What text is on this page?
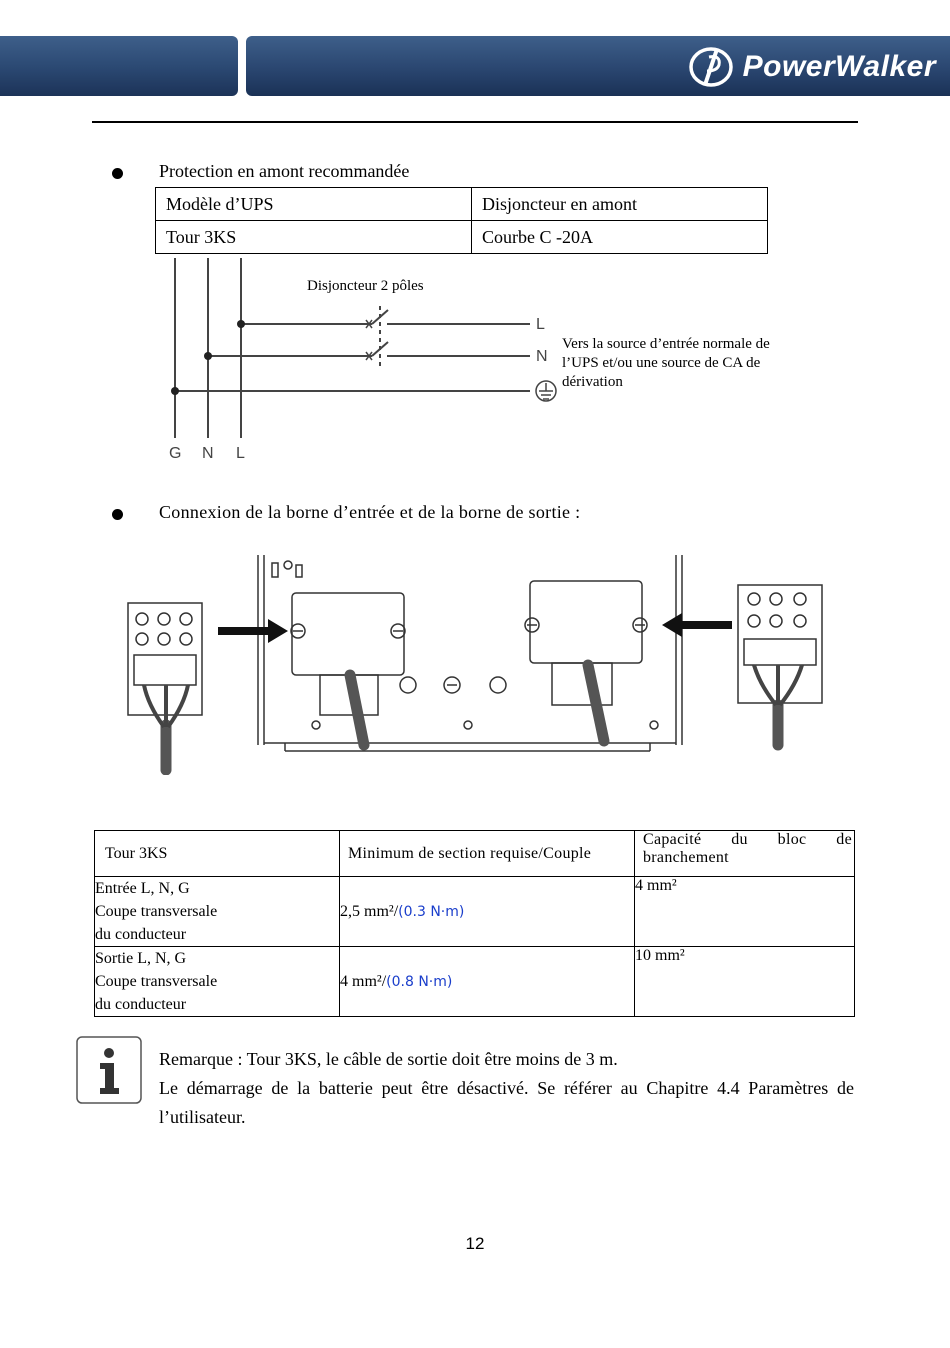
PowerWalker
Protection en amont recommandée
Modèle d’UPS	Disjoncteur en amont
Tour 3KS	Courbe C -20A
L
N
G N L
Disjoncteur 2 pôles
Vers la source d’entrée normale de l’UPS et/ou une source de CA de dérivation
Connexion de la borne d’entrée et de la borne de sortie :
Tour 3KS	Minimum de section requise/Couple	Capacité du bloc de branchement

Entrée L, N, G
Coupe transversale
du conducteur	2,5 mm²/(0.3 N·m)	4 mm²

Sortie L, N, G
Coupe transversale
du conducteur	4 mm²/(0.8 N·m)	10 mm²
Remarque : Tour 3KS, le câble de sortie doit être moins de 3 m.
Le démarrage de la batterie peut être désactivé. Se référer au Chapitre 4.4 Paramètres de l’utilisateur.
12
